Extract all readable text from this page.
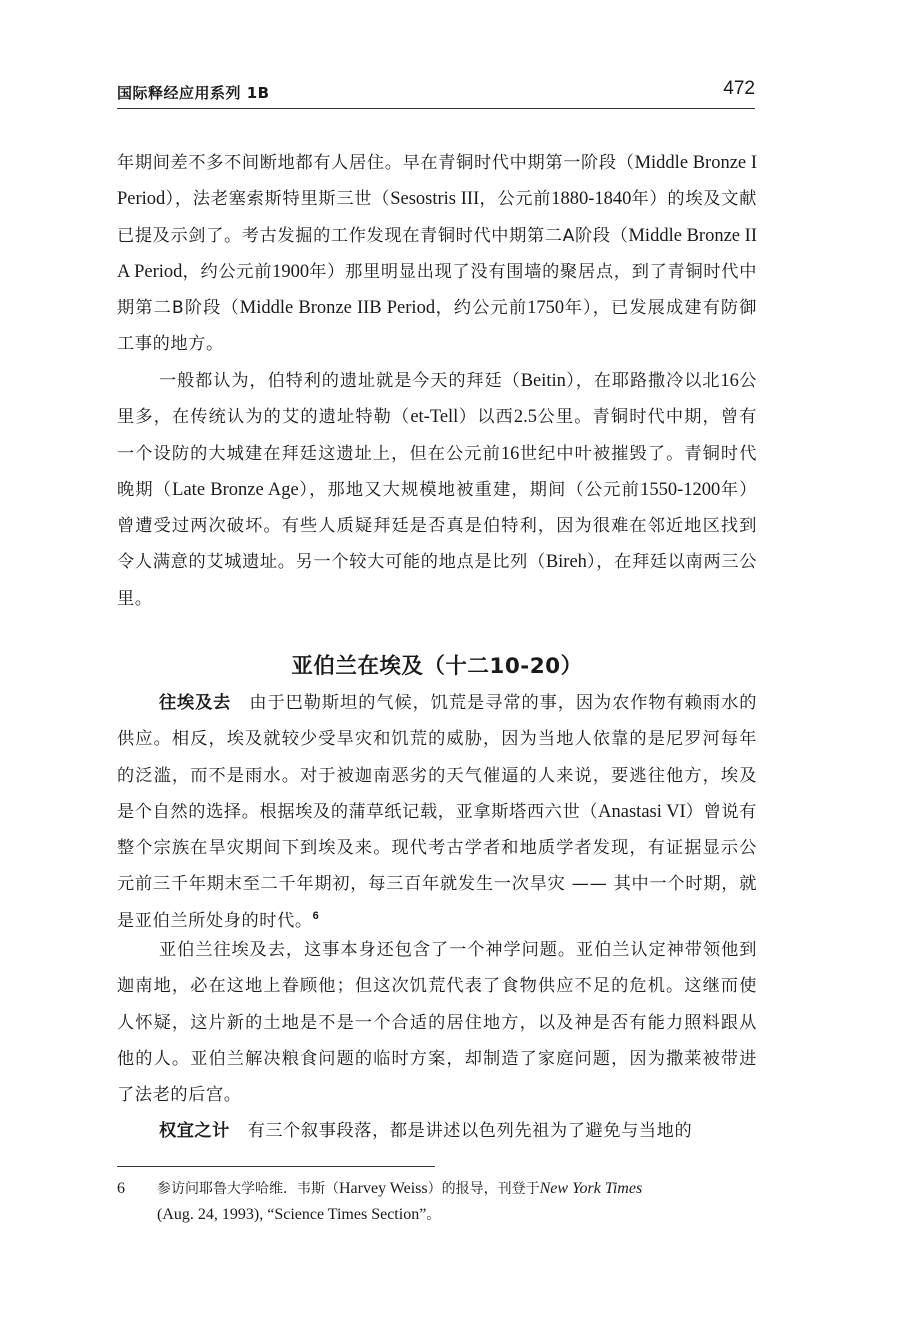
国际释经应用系列 1B	472
年期间差不多不间断地都有人居住。早在青铜时代中期第一阶段（Middle Bronze I Period），法老塞索斯特里斯三世（Sesostris III，公元前1880-1840年）的埃及文献已提及示剑了。考古发掘的工作发现在青铜时代中期第二A阶段（Middle Bronze IIA Period，约公元前1900年）那里明显出现了没有围墙的聚居点，到了青铜时代中期第二B阶段（Middle Bronze IIB Period，约公元前1750年），已发展成建有防御工事的地方。
一般都认为，伯特利的遗址就是今天的拜廷（Beitin），在耶路撒冷以北16公里多，在传统认为的艾的遗址特勒（et-Tell）以西2.5公里。青铜时代中期，曾有一个设防的大城建在拜廷这遗址上，但在公元前16世纪中叶被摧毁了。青铜时代晚期（Late Bronze Age），那地又大规模地被重建，期间（公元前1550-1200年）曾遭受过两次破坏。有些人质疑拜廷是否真是伯特利，因为很难在邻近地区找到令人满意的艾城遗址。另一个较大可能的地点是比列（Bireh），在拜廷以南两三公里。
亚伯兰在埃及（十二10-20）
往埃及去　 由于巴勒斯坦的气候，饥荒是寻常的事，因为农作物有赖雨水的供应。相反，埃及就较少受旱灾和饥荒的威胁，因为当地人依靠的是尼罗河每年的泛滥，而不是雨水。对于被迦南恶劣的天气催逼的人来说，要逃往他方，埃及是个自然的选择。根据埃及的蒲草纸记载，亚拿斯塔西六世（Anastasi VI）曾说有整个宗族在旱灾期间下到埃及来。现代考古学者和地质学者发现，有证据显示公元前三千年期末至二千年期初，每三百年就发生一次旱灾 —— 其中一个时期，就是亚伯兰所处身的时代。$^6$
亚伯兰往埃及去，这事本身还包含了一个神学问题。亚伯兰认定神带领他到迦南地，必在这地上眷顾他；但这次饥荒代表了食物供应不足的危机。这继而使人怀疑，这片新的土地是不是一个合适的居住地方，以及神是否有能力照料跟从他的人。亚伯兰解决粮食问题的临时方案，却制造了家庭问题，因为撒莱被带进了法老的后宫。
权宜之计　 有三个叙事段落，都是讲述以色列先祖为了避免与当地的
6 参访问耶鲁大学哈维．韦斯（Harvey Weiss）的报导，刊登于New York Times
(Aug. 24, 1993), “Science Times Section”。
